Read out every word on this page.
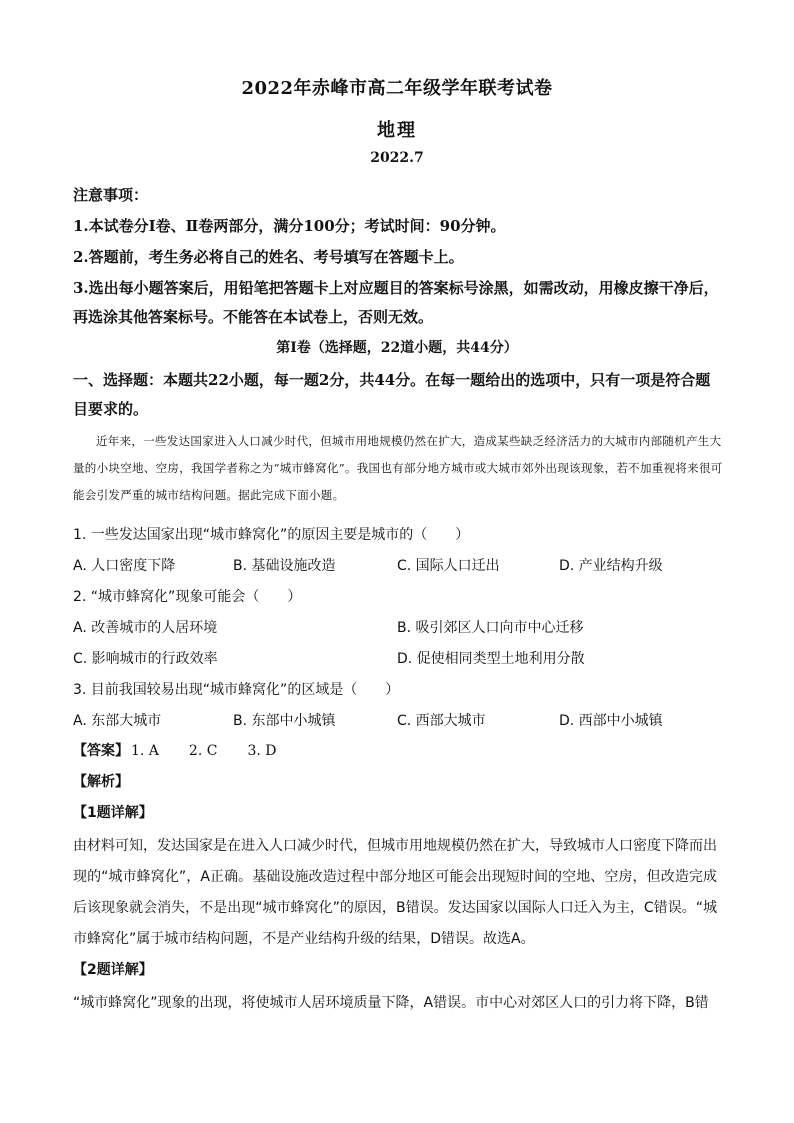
2022年赤峰市高二年级学年联考试卷
地理
2022.7
注意事项：
1.本试卷分Ⅰ卷、Ⅱ卷两部分，满分100分；考试时间：90分钟。
2.答题前，考生务必将自己的姓名、考号填写在答题卡上。
3.选出每小题答案后，用铅笔把答题卡上对应题目的答案标号涂黑，如需改动，用橡皮擦干净后，再选涂其他答案标号。不能答在本试卷上，否则无效。
第Ⅰ卷（选择题，22道小题，共44分）
一、选择题：本题共22小题，每一题2分，共44分。在每一题给出的选项中，只有一项是符合题目要求的。
近年来，一些发达国家进入人口减少时代，但城市用地规模仍然在扩大，造成某些缺乏经济活力的大城市内部随机产生大量的小块空地、空房，我国学者称之为“城市蜂窝化”。我国也有部分地方城市或大城市郊外出现该现象，若不加重视将来很可能会引发严重的城市结构问题。据此完成下面小题。
1. 一些发达国家出现“城市蜂窝化”的原因主要是城市的（　　）
A. 人口密度下降	B. 基础设施改造	C. 国际人口迁出	D. 产业结构升级
2. “城市蜂窝化”现象可能会（　　）
A. 改善城市的人居环境	B. 吸引郊区人口向市中心迁移
C. 影响城市的行政效率	D. 促使相同类型土地利用分散
3. 目前我国较易出现“城市蜂窝化”的区域是（　　）
A. 东部大城市	B. 东部中小城镇	C. 西部大城市	D. 西部中小城镇
【答案】 1. A 2. C 3. D
【解析】
【1题详解】
由材料可知，发达国家是在进入人口减少时代，但城市用地规模仍然在扩大，导致城市人口密度下降而出现的“城市蜂窝化”，A正确。基础设施改造过程中部分地区可能会出现短时间的空地、空房，但改造完成后该现象就会消失，不是出现“城市蜂窝化”的原因，B错误。发达国家以国际人口迁入为主，C错误。“城市蜂窝化”属于城市结构问题，不是产业结构升级的结果，D错误。故选A。
【2题详解】
“城市蜂窝化”现象的出现，将使城市人居环境质量下降，A错误。市中心对郊区人口的引力将下降，B错
